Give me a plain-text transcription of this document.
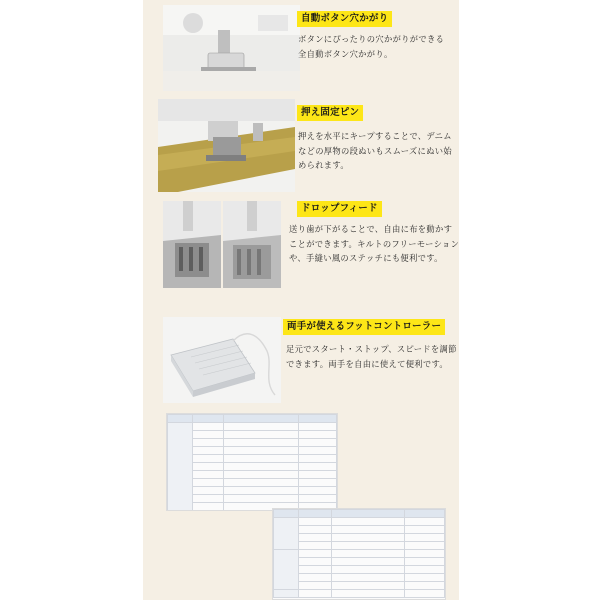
自動ボタン穴かがり
ボタンにぴったりの穴かがりができる
全自動ボタン穴かがり。
押え固定ピン
押えを水平にキープすることで、デニム
などの厚物の段ぬいもスムーズにぬい始
められます。
ドロップフィード
送り歯が下がることで、自由に布を動かす
ことができます。キルトのフリーモーション
や、手縫い風のステッチにも便利です。
両手が使えるフットコントローラー
足元でスタート・ストップ、スピードを調節
できます。両手を自由に使えて便利です。
